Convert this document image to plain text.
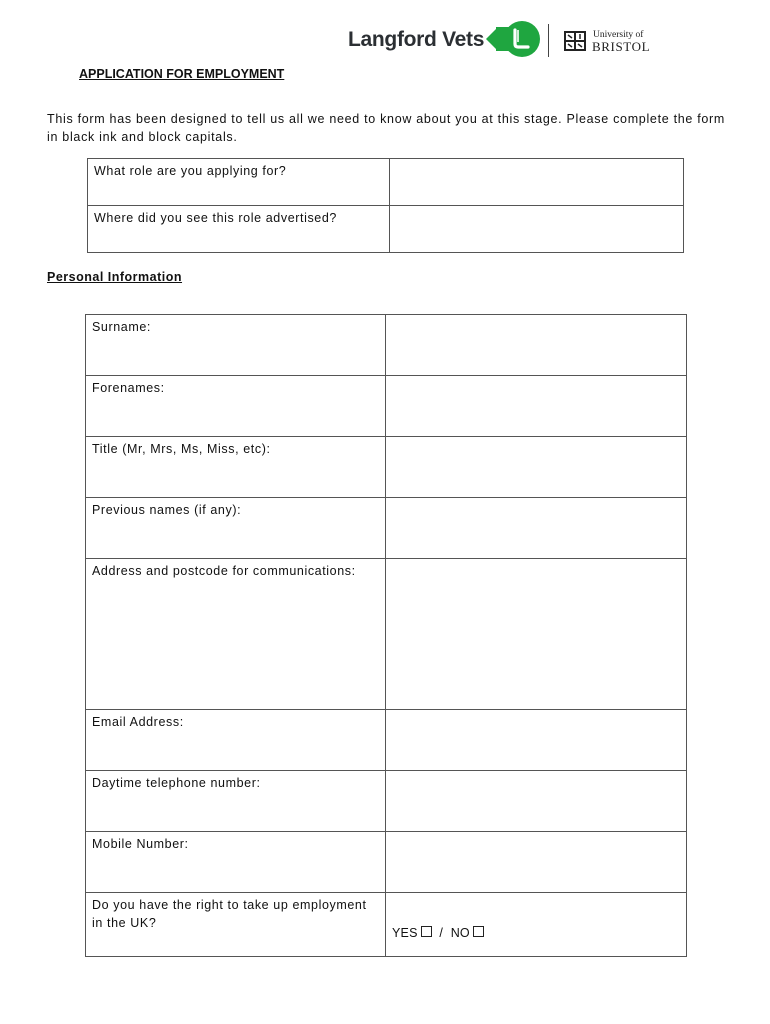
Langford Vets	University of
BRISTOL
APPLICATION FOR EMPLOYMENT

This form has been designed to tell us all we need to know about you at this stage. Please complete the form in black ink and block capitals.

What role are you applying for?	
Where did you see this role advertised?	
Personal Information
Surname:	
Forenames:	
Title (Mr, Mrs, Ms, Miss, etc):	
Previous names (if any):	
Address and postcode for communications:	
Email Address:	
Daytime telephone number:	
Mobile Number:	
Do you have the right to take up employment in the UK?	YES / NO
